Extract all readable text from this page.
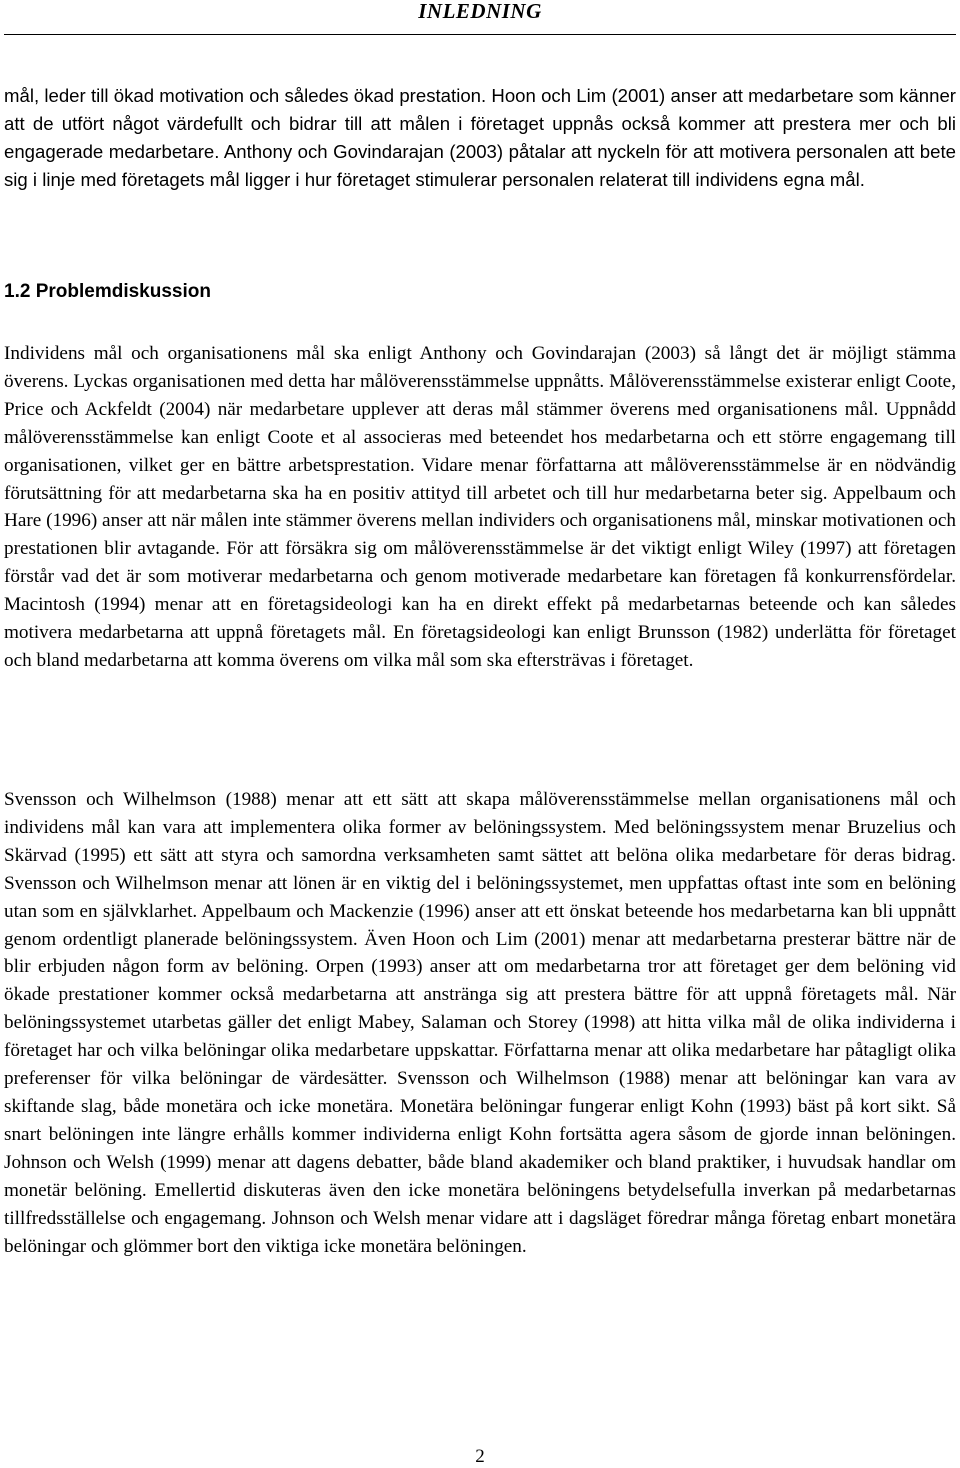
INLEDNING

mål, leder till ökad motivation och således ökad prestation. Hoon och Lim (2001) anser att medarbetare som känner att de utfört något värdefullt och bidrar till att målen i företaget uppnås också kommer att prestera mer och bli engagerade medarbetare. Anthony och Govindarajan (2003) påtalar att nyckeln för att motivera personalen att bete sig i linje med företagets mål ligger i hur företaget stimulerar personalen relaterat till individens egna mål.

1.2 Problemdiskussion

Individens mål och organisationens mål ska enligt Anthony och Govindarajan (2003) så långt det är möjligt stämma överens. Lyckas organisationen med detta har målöverensstämmelse uppnåtts. Målöverensstämmelse existerar enligt Coote, Price och Ackfeldt (2004) när medarbetare upplever att deras mål stämmer överens med organisationens mål. Uppnådd målöverensstämmelse kan enligt Coote et al associeras med beteendet hos medarbetarna och ett större engagemang till organisationen, vilket ger en bättre arbetsprestation. Vidare menar författarna att målöverensstämmelse är en nödvändig förutsättning för att medarbetarna ska ha en positiv attityd till arbetet och till hur medarbetarna beter sig. Appelbaum och Hare (1996) anser att när målen inte stämmer överens mellan individers och organisationens mål, minskar motivationen och prestationen blir avtagande. För att försäkra sig om målöverensstämmelse är det viktigt enligt Wiley (1997) att företagen förstår vad det är som motiverar medarbetarna och genom motiverade medarbetare kan företagen få konkurrensfördelar. Macintosh (1994) menar att en företagsideologi kan ha en direkt effekt på medarbetarnas beteende och kan således motivera medarbetarna att uppnå företagets mål. En företagsideologi kan enligt Brunsson (1982) underlätta för företaget och bland medarbetarna att komma överens om vilka mål som ska eftersträvas i företaget.

Svensson och Wilhelmson (1988) menar att ett sätt att skapa målöverensstämmelse mellan organisationens mål och individens mål kan vara att implementera olika former av belöningssystem. Med belöningssystem menar Bruzelius och Skärvad (1995) ett sätt att styra och samordna verksamheten samt sättet att belöna olika medarbetare för deras bidrag. Svensson och Wilhelmson menar att lönen är en viktig del i belöningssystemet, men uppfattas oftast inte som en belöning utan som en självklarhet. Appelbaum och Mackenzie (1996) anser att ett önskat beteende hos medarbetarna kan bli uppnått genom ordentligt planerade belöningssystem. Även Hoon och Lim (2001) menar att medarbetarna presterar bättre när de blir erbjuden någon form av belöning. Orpen (1993) anser att om medarbetarna tror att företaget ger dem belöning vid ökade prestationer kommer också medarbetarna att anstränga sig att prestera bättre för att uppnå företagets mål. När belöningssystemet utarbetas gäller det enligt Mabey, Salaman och Storey (1998) att hitta vilka mål de olika individerna i företaget har och vilka belöningar olika medarbetare uppskattar. Författarna menar att olika medarbetare har påtagligt olika preferenser för vilka belöningar de värdesätter. Svensson och Wilhelmson (1988) menar att belöningar kan vara av skiftande slag, både monetära och icke monetära. Monetära belöningar fungerar enligt Kohn (1993) bäst på kort sikt. Så snart belöningen inte längre erhålls kommer individerna enligt Kohn fortsätta agera såsom de gjorde innan belöningen. Johnson och Welsh (1999) menar att dagens debatter, både bland akademiker och bland praktiker, i huvudsak handlar om monetär belöning. Emellertid diskuteras även den icke monetära belöningens betydelsefulla inverkan på medarbetarnas tillfredsställelse och engagemang. Johnson och Welsh menar vidare att i dagsläget föredrar många företag enbart monetära belöningar och glömmer bort den viktiga icke monetära belöningen.

2
